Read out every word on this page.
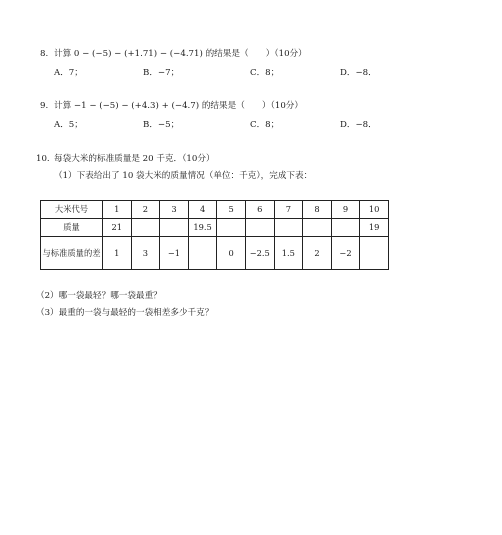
8. 计算 0 − (−5) − (+1.71) − (−4.71) 的结果是（　　）（10分）
A．7；	B．−7；	C．8；	D．−8．
9. 计算 −1 − (−5) − (+4.3) + (−4.7) 的结果是（　　）（10分）
A．5；	B．−5；	C．8；	D．−8．
10. 每袋大米的标准质量是 20 千克．（10分）
（1）下表给出了 10 袋大米的质量情况（单位：千克），完成下表：
大米代号	1	2	3	4	5	6	7	8	9	10
质量	21			19.5						19
与标准质量的差	1	3	−1		0	−2.5	1.5	2	−2	
（2）哪一袋最轻？哪一袋最重？
（3）最重的一袋与最轻的一袋相差多少千克？
